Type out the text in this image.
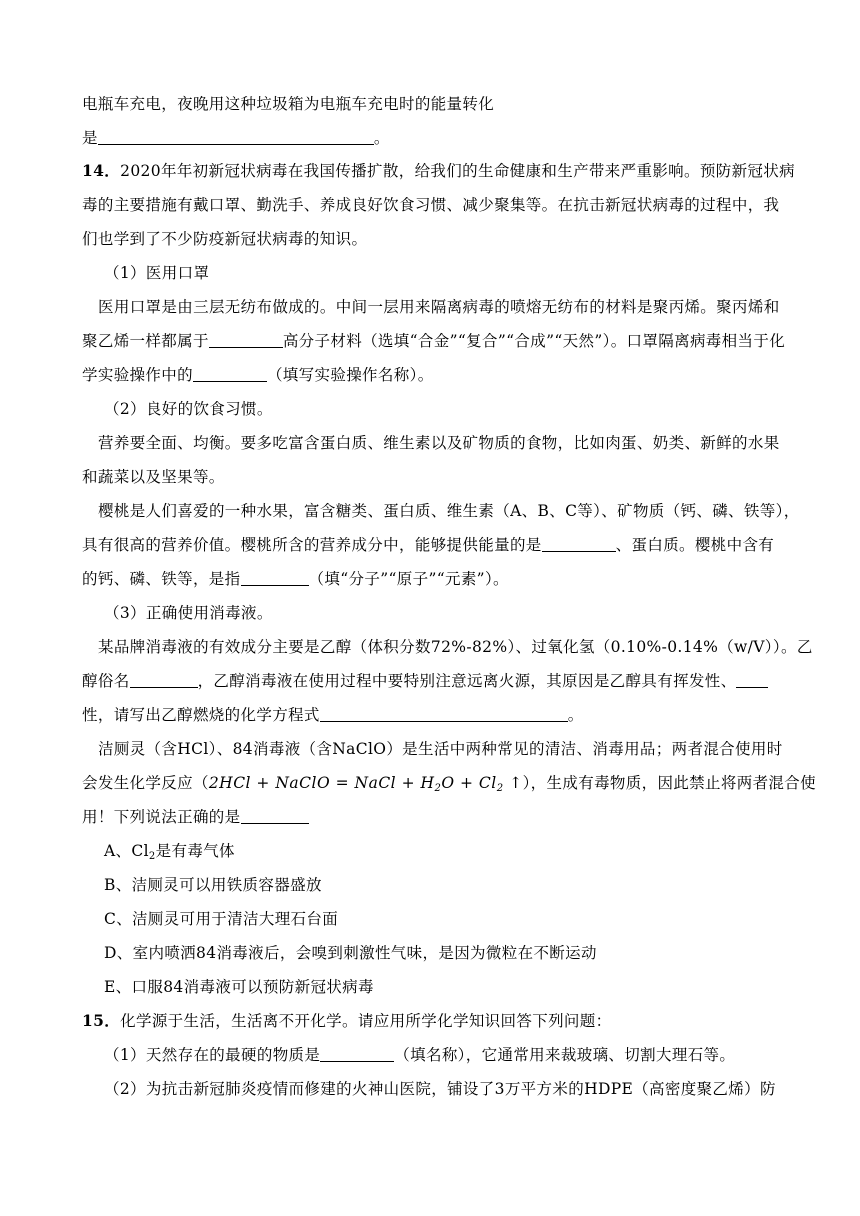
电瓶车充电，夜晚用这种垃圾箱为电瓶车充电时的能量转化
是	。
14．2020年年初新冠状病毒在我国传播扩散，给我们的生命健康和生产带来严重影响。预防新冠状病
毒的主要措施有戴口罩、勤洗手、养成良好饮食习惯、减少聚集等。在抗击新冠状病毒的过程中，我
们也学到了不少防疫新冠状病毒的知识。
（1）医用口罩
医用口罩是由三层无纺布做成的。中间一层用来隔离病毒的喷熔无纺布的材料是聚丙烯。聚丙烯和
聚乙烯一样都属于	高分子材料（选填“合金”“复合”“合成”“天然”）。口罩隔离病毒相当于化
学实验操作中的	（填写实验操作名称）。
（2）良好的饮食习惯。
营养要全面、均衡。要多吃富含蛋白质、维生素以及矿物质的食物，比如肉蛋、奶类、新鲜的水果
和蔬菜以及坚果等。
樱桃是人们喜爱的一种水果，富含糖类、蛋白质、维生素（A、B、C等）、矿物质（钙、磷、铁等），
具有很高的营养价值。樱桃所含的营养成分中，能够提供能量的是	、蛋白质。樱桃中含有
的钙、磷、铁等，是指	（填“分子”“原子”“元素”）。
（3）正确使用消毒液。
某品牌消毒液的有效成分主要是乙醇（体积分数72%-82%）、过氧化氢（0.10%-0.14%（w/V））。乙
醇俗名	，乙醇消毒液在使用过程中要特别注意远离火源，其原因是乙醇具有挥发性、
性，请写出乙醇燃烧的化学方程式	。
洁厕灵（含HCl）、84消毒液（含NaClO）是生活中两种常见的清洁、消毒用品；两者混合使用时
会发生化学反应（2HCl + NaClO = NaCl + $H_2O + Cl_2$ ↑），生成有毒物质，因此禁止将两者混合使
用！下列说法正确的是
A、$Cl_2$是有毒气体
B、洁厕灵可以用铁质容器盛放
C、洁厕灵可用于清洁大理石台面
D、室内喷洒84消毒液后，会嗅到刺激性气味，是因为微粒在不断运动
E、口服84消毒液可以预防新冠状病毒
15．化学源于生活，生活离不开化学。请应用所学化学知识回答下列问题：
（1）天然存在的最硬的物质是	（填名称），它通常用来裁玻璃、切割大理石等。
（2）为抗击新冠肺炎疫情而修建的火神山医院，铺设了3万平方米的HDPE（高密度聚乙烯）防
